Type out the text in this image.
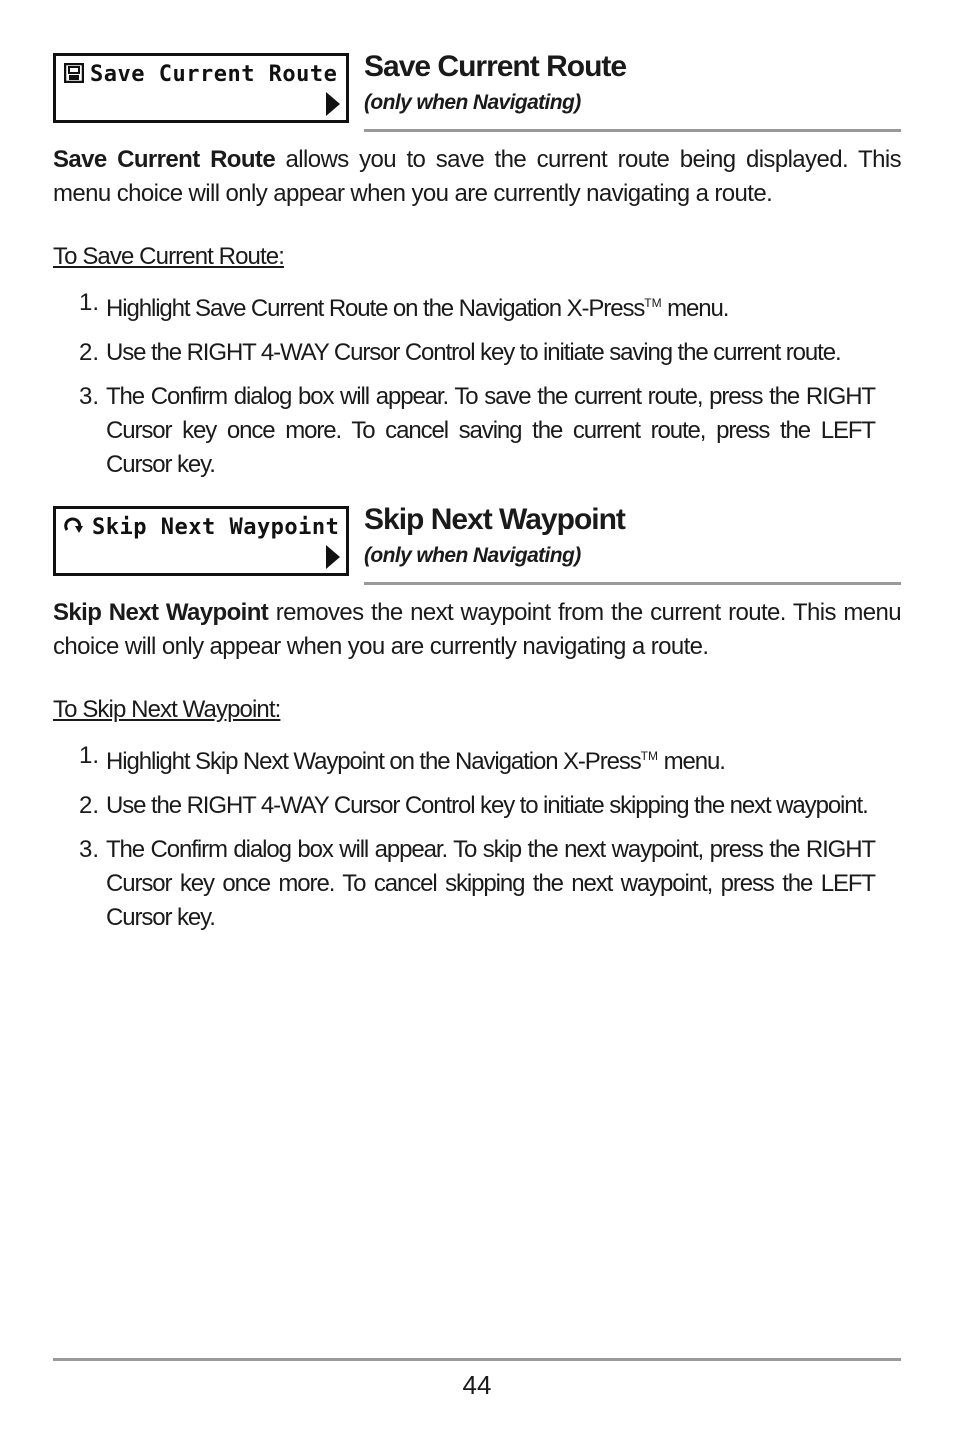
Save Current Route Save Current Route
(only when Navigating)

Save Current Route allows you to save the current route being displayed. This menu choice will only appear when you are currently navigating a route.

To Save Current Route:
1. Highlight Save Current Route on the Navigation X-Press™ menu.
2. Use the RIGHT 4-WAY Cursor Control key to initiate saving the current route.
3. The Confirm dialog box will appear. To save the current route, press the RIGHT Cursor key once more. To cancel saving the current route, press the LEFT Cursor key.
Skip Next Waypoint Skip Next Waypoint
(only when Navigating)

Skip Next Waypoint removes the next waypoint from the current route. This menu choice will only appear when you are currently navigating a route.

To Skip Next Waypoint:
1. Highlight Skip Next Waypoint on the Navigation X-Press™ menu.
2. Use the RIGHT 4-WAY Cursor Control key to initiate skipping the next waypoint.
3. The Confirm dialog box will appear. To skip the next waypoint, press the RIGHT Cursor key once more. To cancel skipping the next waypoint, press the LEFT Cursor key.
44
